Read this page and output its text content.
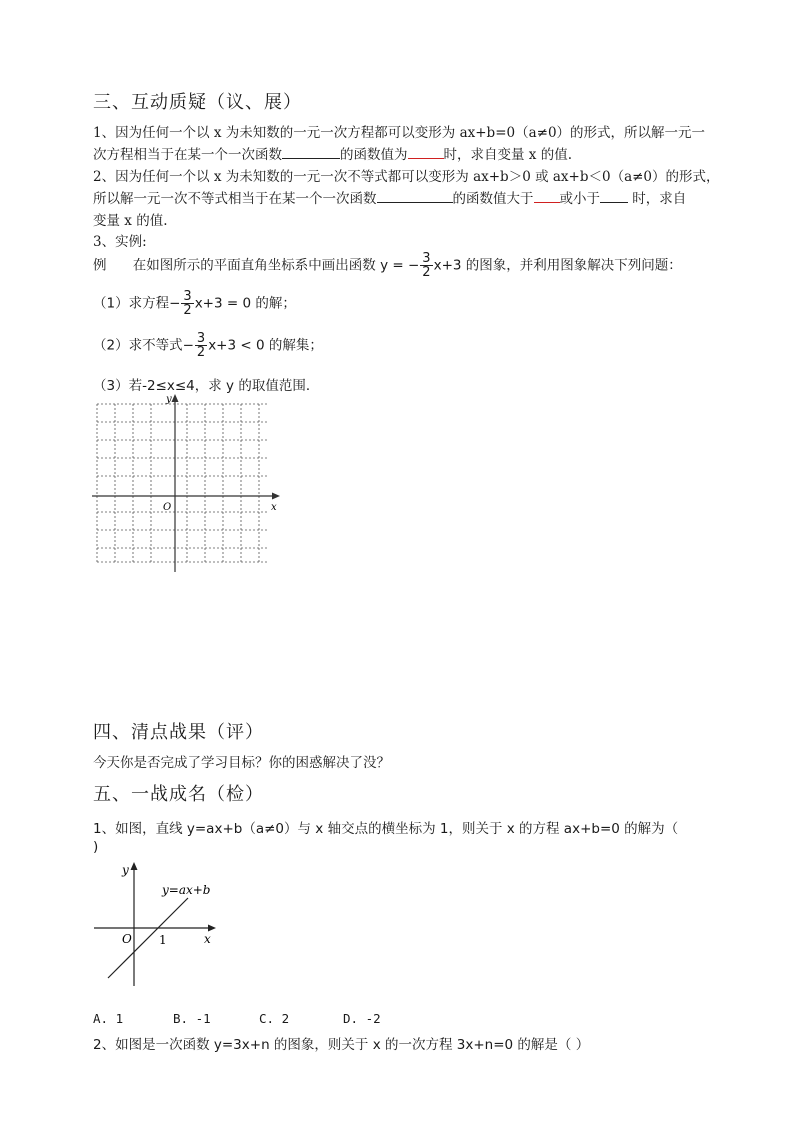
三、互动质疑（议、展）
1、因为任何一个以 x 为未知数的一元一次方程都可以变形为 ax+b=0（a≠0）的形式，所以解一元一
次方程相当于在某一个一次函数	的函数值为	时，求自变量 x 的值.
2、因为任何一个以 x 为未知数的一元一次不等式都可以变形为 ax+b＞0 或 ax+b＜0（a≠0）的形式，
所以解一元一次不等式相当于在某一个一次函数	的函数值大于 或小于 时，求自
变量 x 的值.
3、实例:
例 在如图所示的平面直角坐标系中画出函数 y = − $\frac{3}{2} x+3$ 的图象，并利用图象解决下列问题：
（1）求方程− $\frac{3}{2} x+3 = 0$ 的解；
（2）求不等式− $\frac{3}{2} x+3 < 0$ 的解集；
（3）若-2≤x≤4，求 y 的取值范围．
x
y
O
四、清点战果（评）
今天你是否完成了学习目标？你的困惑解决了没？
五、一战成名（检）
1、如图，直线 y=ax+b（a≠0）与 x 轴交点的横坐标为 1，则关于 x 的方程 ax+b=0 的解为（
)
y
x
O 1
y=ax+b
A. 1	B. -1	C. 2	D. -2
2、如图是一次函数 y=3x+n 的图象，则关于 x 的一次方程 3x+n=0 的解是（ ）
